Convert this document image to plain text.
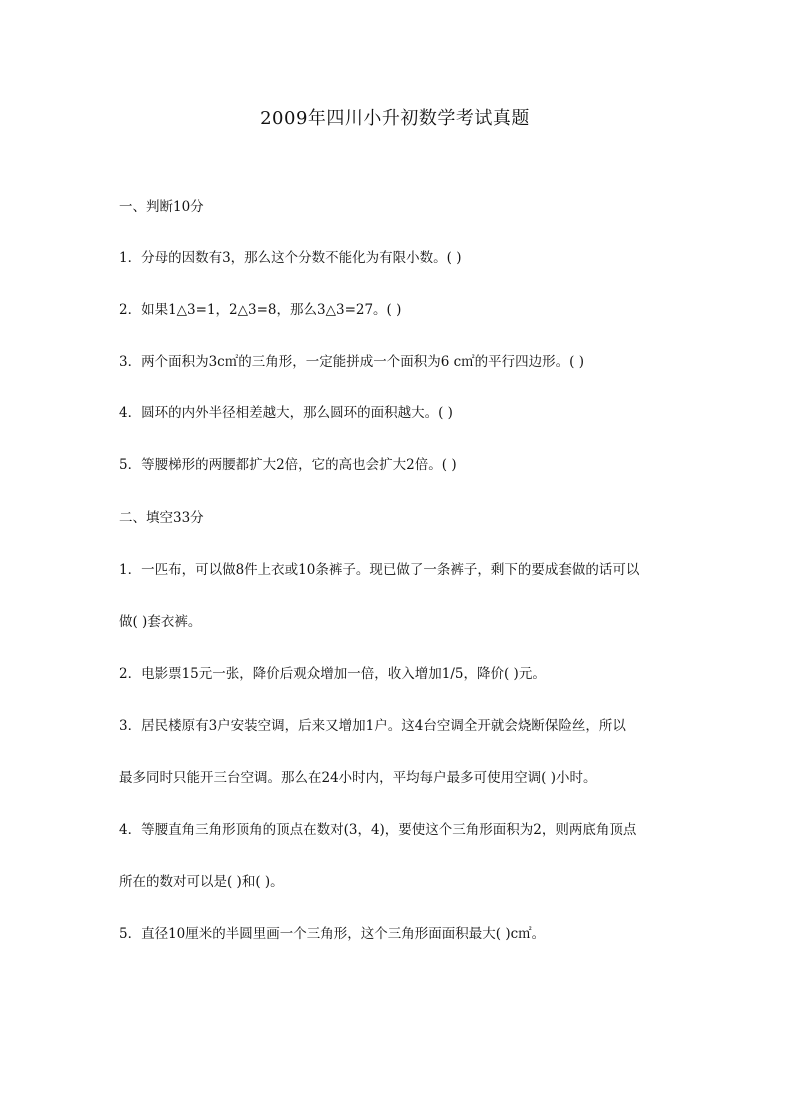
2009年四川小升初数学考试真题
一、判断10分
1．分母的因数有3，那么这个分数不能化为有限小数。( )
2．如果1△3=1，2△3=8，那么3△3=27。( )
3．两个面积为3c㎡的三角形，一定能拼成一个面积为6 c㎡的平行四边形。( )
4．圆环的内外半径相差越大，那么圆环的面积越大。( )
5．等腰梯形的两腰都扩大2倍，它的高也会扩大2倍。( )
二、填空33分
1．一匹布，可以做8件上衣或10条裤子。现已做了一条裤子，剩下的要成套做的话可以
做( )套衣裤。
2．电影票15元一张，降价后观众增加一倍，收入增加1/5，降价( )元。
3．居民楼原有3户安装空调，后来又增加1户。这4台空调全开就会烧断保险丝，所以
最多同时只能开三台空调。那么在24小时内，平均每户最多可使用空调( )小时。
4．等腰直角三角形顶角的顶点在数对(3，4)，要使这个三角形面积为2，则两底角顶点
所在的数对可以是( )和( )。
5．直径10厘米的半圆里画一个三角形，这个三角形面面积最大( )c㎡。
